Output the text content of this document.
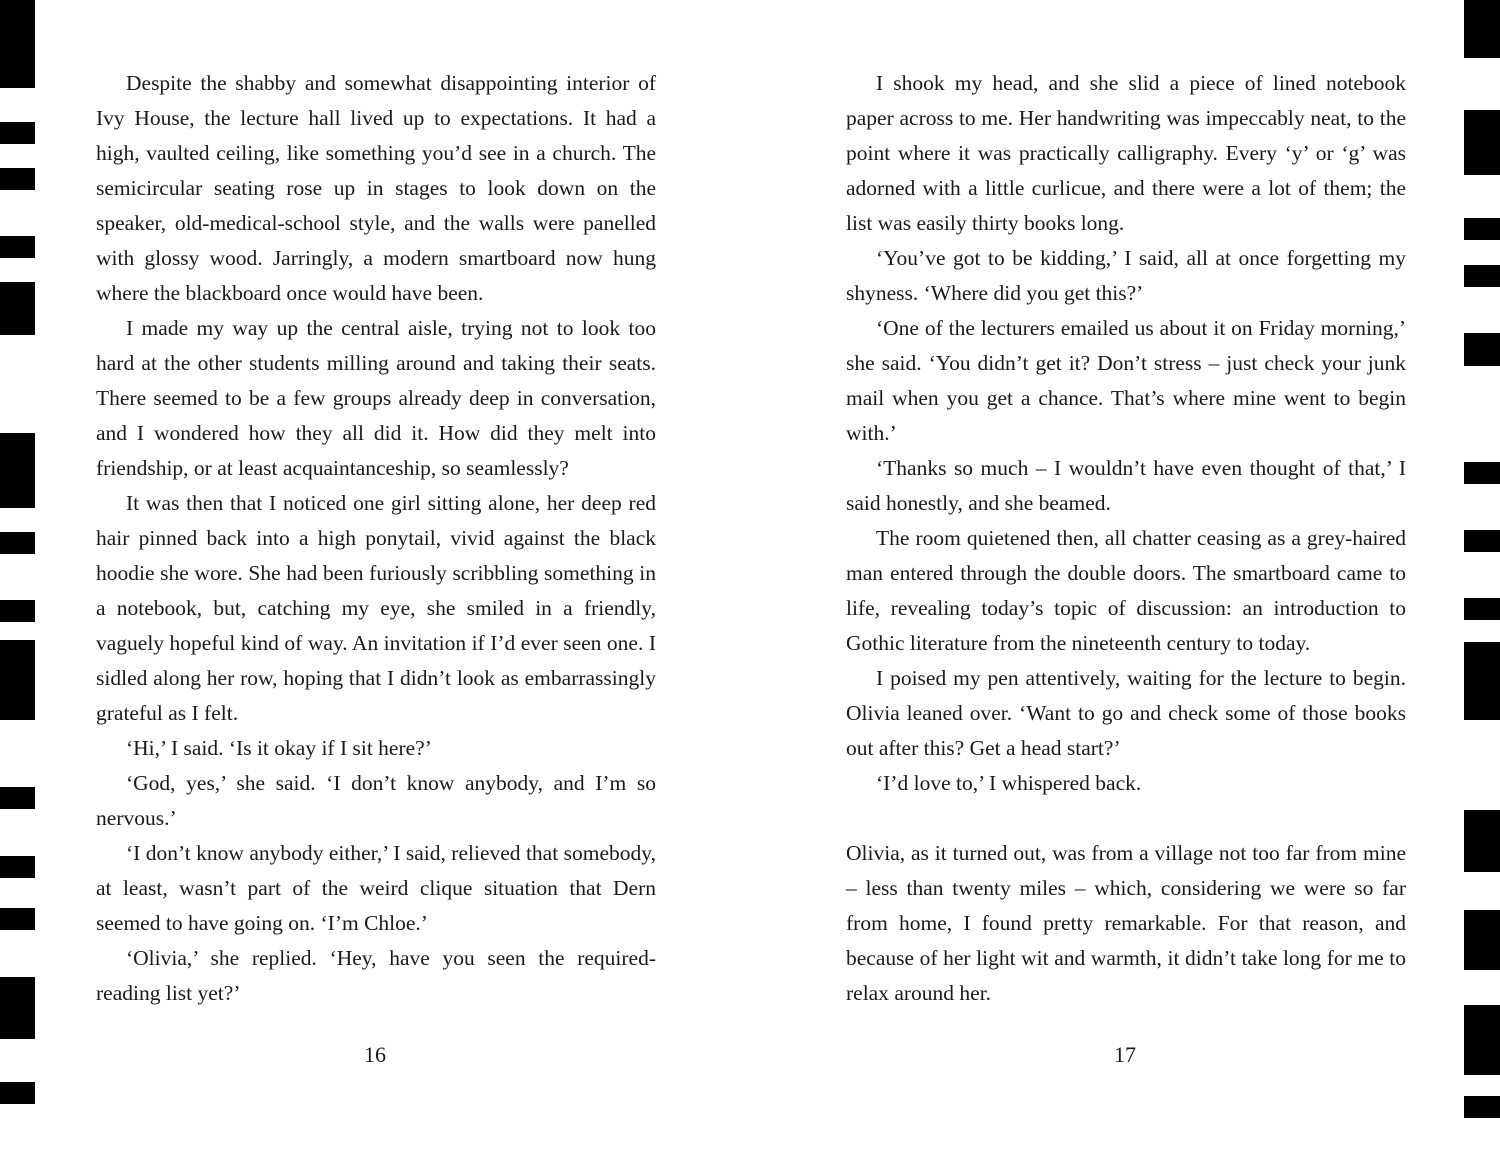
Despite the shabby and somewhat disappointing interior of Ivy House, the lecture hall lived up to expectations. It had a high, vaulted ceiling, like something you’d see in a church. The semicircular seating rose up in stages to look down on the speaker, old-medical-school style, and the walls were panelled with glossy wood. Jarringly, a modern smartboard now hung where the blackboard once would have been.

I made my way up the central aisle, trying not to look too hard at the other students milling around and taking their seats. There seemed to be a few groups already deep in conversation, and I wondered how they all did it. How did they melt into friendship, or at least acquaintanceship, so seamlessly?

It was then that I noticed one girl sitting alone, her deep red hair pinned back into a high ponytail, vivid against the black hoodie she wore. She had been furiously scribbling something in a notebook, but, catching my eye, she smiled in a friendly, vaguely hopeful kind of way. An invitation if I’d ever seen one. I sidled along her row, hoping that I didn’t look as embarrassingly grateful as I felt.

‘Hi,’ I said. ‘Is it okay if I sit here?’

‘God, yes,’ she said. ‘I don’t know anybody, and I’m so nervous.’

‘I don’t know anybody either,’ I said, relieved that somebody, at least, wasn’t part of the weird clique situation that Dern seemed to have going on. ‘I’m Chloe.’

‘Olivia,’ she replied. ‘Hey, have you seen the required-reading list yet?’

16

I shook my head, and she slid a piece of lined notebook paper across to me. Her handwriting was impeccably neat, to the point where it was practically calligraphy. Every ‘y’ or ‘g’ was adorned with a little curlicue, and there were a lot of them; the list was easily thirty books long.

‘You’ve got to be kidding,’ I said, all at once forgetting my shyness. ‘Where did you get this?’

‘One of the lecturers emailed us about it on Friday morning,’ she said. ‘You didn’t get it? Don’t stress – just check your junk mail when you get a chance. That’s where mine went to begin with.’

‘Thanks so much – I wouldn’t have even thought of that,’ I said honestly, and she beamed.

The room quietened then, all chatter ceasing as a grey-haired man entered through the double doors. The smartboard came to life, revealing today’s topic of discussion: an introduction to Gothic literature from the nineteenth century to today.

I poised my pen attentively, waiting for the lecture to begin. Olivia leaned over. ‘Want to go and check some of those books out after this? Get a head start?’

‘I’d love to,’ I whispered back.

Olivia, as it turned out, was from a village not too far from mine – less than twenty miles – which, considering we were so far from home, I found pretty remarkable. For that reason, and because of her light wit and warmth, it didn’t take long for me to relax around her.

17
